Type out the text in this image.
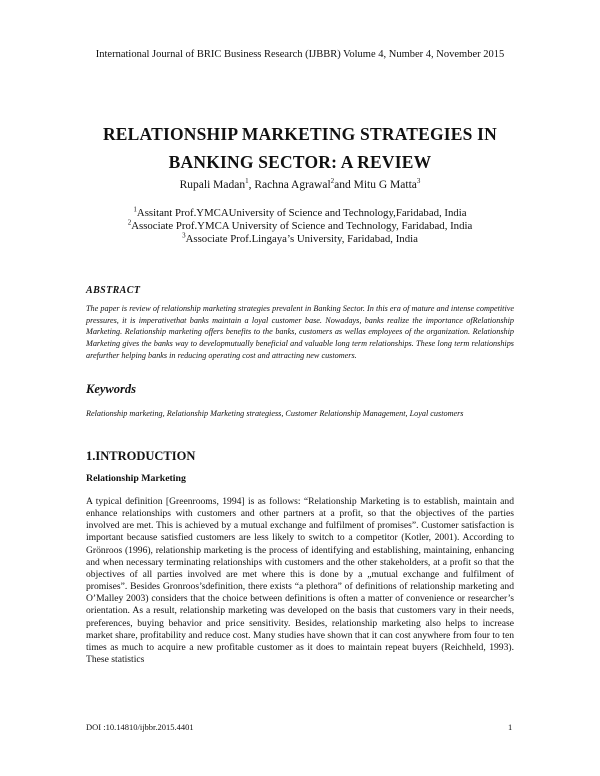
International Journal of BRIC Business Research (IJBBR) Volume 4, Number 4, November 2015
RELATIONSHIP MARKETING STRATEGIES IN
BANKING SECTOR: A REVIEW
Rupali Madan$^1$, Rachna Agrawal$^2$and Mitu G Matta$^3$
$^1$Assitant Prof.YMCAUniversity of Science and Technology,Faridabad, India
$^2$Associate Prof.YMCA University of Science and Technology, Faridabad, India
$^3$Associate Prof.Lingaya’s University, Faridabad, India
ABSTRACT
The paper is review of relationship marketing strategies prevalent in Banking Sector. In this era of mature and intense competitive pressures, it is imperativethat banks maintain a loyal customer base. Nowadays, banks realize the importance ofRelationship Marketing. Relationship marketing offers benefits to the banks, customers as wellas employees of the organization. Relationship Marketing gives the banks way to developmutually beneficial and valuable long term relationships. These long term relationships arefurther helping banks in reducing operating cost and attracting new customers.
Keywords
Relationship marketing, Relationship Marketing strategiess, Customer Relationship Management, Loyal customers
1.INTRODUCTION
Relationship Marketing
A typical definition [Greenrooms, 1994] is as follows: “Relationship Marketing is to establish, maintain and enhance relationships with customers and other partners at a profit, so that the objectives of the parties involved are met. This is achieved by a mutual exchange and fulfilment of promises”. Customer satisfaction is important because satisfied customers are less likely to switch to a competitor (Kotler, 2001). According to Grönroos (1996), relationship marketing is the process of identifying and establishing, maintaining, enhancing and when necessary terminating relationships with customers and the other stakeholders, at a profit so that the objectives of all parties involved are met where this is done by a „mutual exchange and fulfilment of promises”. Besides Gronroos’sdefinition, there exists “a plethora” of definitions of relationship marketing and O’Malley 2003) considers that the choice between definitions is often a matter of convenience or researcher’s orientation. As a result, relationship marketing was developed on the basis that customers vary in their needs, preferences, buying behavior and price sensitivity. Besides, relationship marketing also helps to increase market share, profitability and reduce cost. Many studies have shown that it can cost anywhere from four to ten times as much to acquire a new profitable customer as it does to maintain repeat buyers (Reichheld, 1993). These statistics
DOI :10.14810/ijbbr.2015.4401	1
